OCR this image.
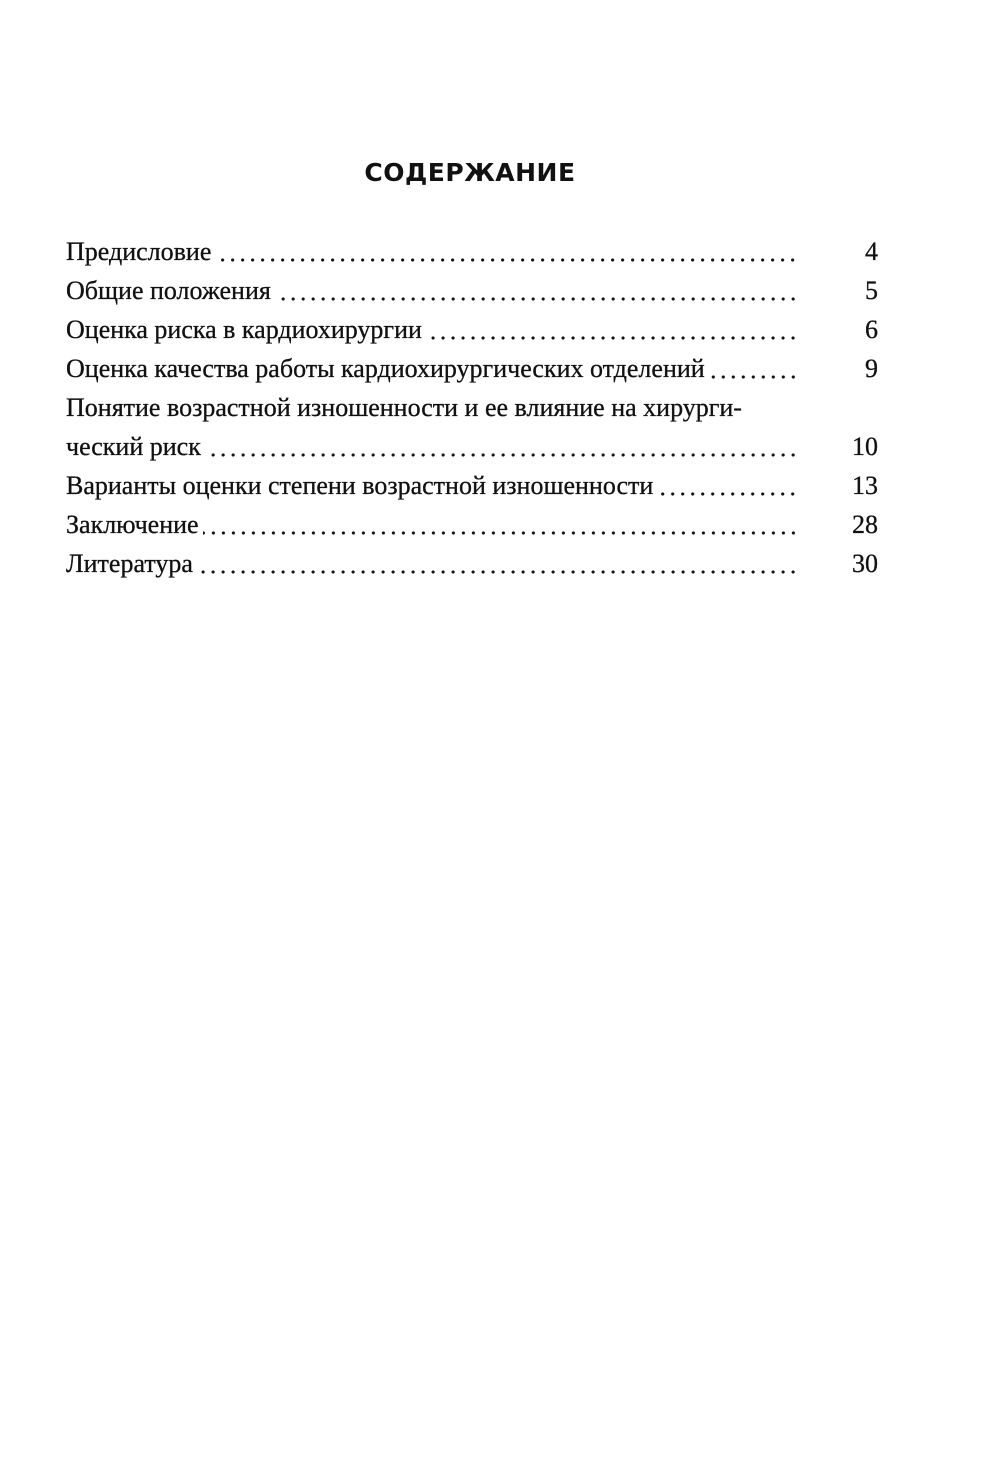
СОДЕРЖАНИЕ
Предисловие	4
Общие положения	5
Оценка риска в кардиохирургии	6
Оценка качества работы кардиохирургических отделений	9
Понятие возрастной изношенности и ее влияние на хирурги-
ческий риск	10
Варианты оценки степени возрастной изношенности	13
Заключение	28
Литература	30
